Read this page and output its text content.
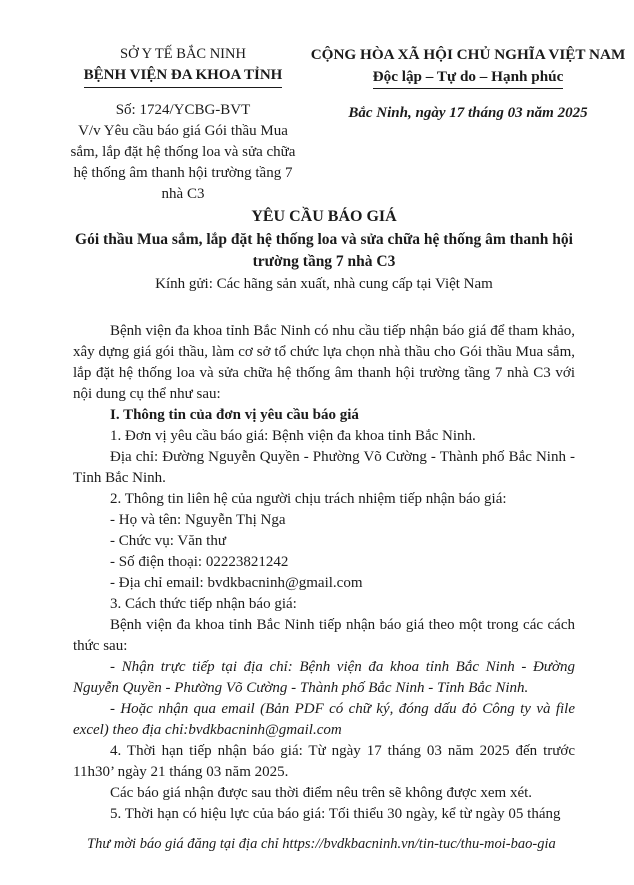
SỞ Y TẾ BẮC NINH
BỆNH VIỆN ĐA KHOA TỈNH
Số: 1724/YCBG-BVT
V/v Yêu cầu báo giá Gói thầu Mua sắm, lắp đặt hệ thống loa và sửa chữa hệ thống âm thanh hội trường tầng 7 nhà C3
CỘNG HÒA XÃ HỘI CHỦ NGHĨA VIỆT NAM
Độc lập – Tự do – Hạnh phúc
Bắc Ninh, ngày 17 tháng 03 năm 2025
YÊU CẦU BÁO GIÁ
Gói thầu Mua sắm, lắp đặt hệ thống loa và sửa chữa hệ thống âm thanh hội trường tầng 7 nhà C3
Kính gửi: Các hãng sản xuất, nhà cung cấp tại Việt Nam

Bệnh viện đa khoa tỉnh Bắc Ninh có nhu cầu tiếp nhận báo giá để tham khảo, xây dựng giá gói thầu, làm cơ sở tổ chức lựa chọn nhà thầu cho Gói thầu Mua sắm, lắp đặt hệ thống loa và sửa chữa hệ thống âm thanh hội trường tầng 7 nhà C3 với nội dung cụ thể như sau:

I. Thông tin của đơn vị yêu cầu báo giá

1. Đơn vị yêu cầu báo giá: Bệnh viện đa khoa tỉnh Bắc Ninh.

Địa chỉ: Đường Nguyễn Quyền - Phường Võ Cường - Thành phố Bắc Ninh - Tỉnh Bắc Ninh.

2. Thông tin liên hệ của người chịu trách nhiệm tiếp nhận báo giá:

- Họ và tên: Nguyễn Thị Nga

- Chức vụ: Văn thư

- Số điện thoại: 02223821242

- Địa chỉ email: bvdkbacninh@gmail.com

3. Cách thức tiếp nhận báo giá:

Bệnh viện đa khoa tỉnh Bắc Ninh tiếp nhận báo giá theo một trong các cách thức sau:

- Nhận trực tiếp tại địa chỉ: Bệnh viện đa khoa tỉnh Bắc Ninh - Đường Nguyễn Quyền - Phường Võ Cường - Thành phố Bắc Ninh - Tỉnh Bắc Ninh.

- Hoặc nhận qua email (Bản PDF có chữ ký, đóng dấu đỏ Công ty và file excel) theo địa chỉ:bvdkbacninh@gmail.com

4. Thời hạn tiếp nhận báo giá: Từ ngày 17 tháng 03 năm 2025 đến trước 11h30’ ngày 21 tháng 03 năm 2025.

Các báo giá nhận được sau thời điểm nêu trên sẽ không được xem xét.

5. Thời hạn có hiệu lực của báo giá: Tối thiểu 30 ngày, kể từ ngày 05 tháng

Thư mời báo giá đăng tại địa chỉ https://bvdkbacninh.vn/tin-tuc/thu-moi-bao-gia
